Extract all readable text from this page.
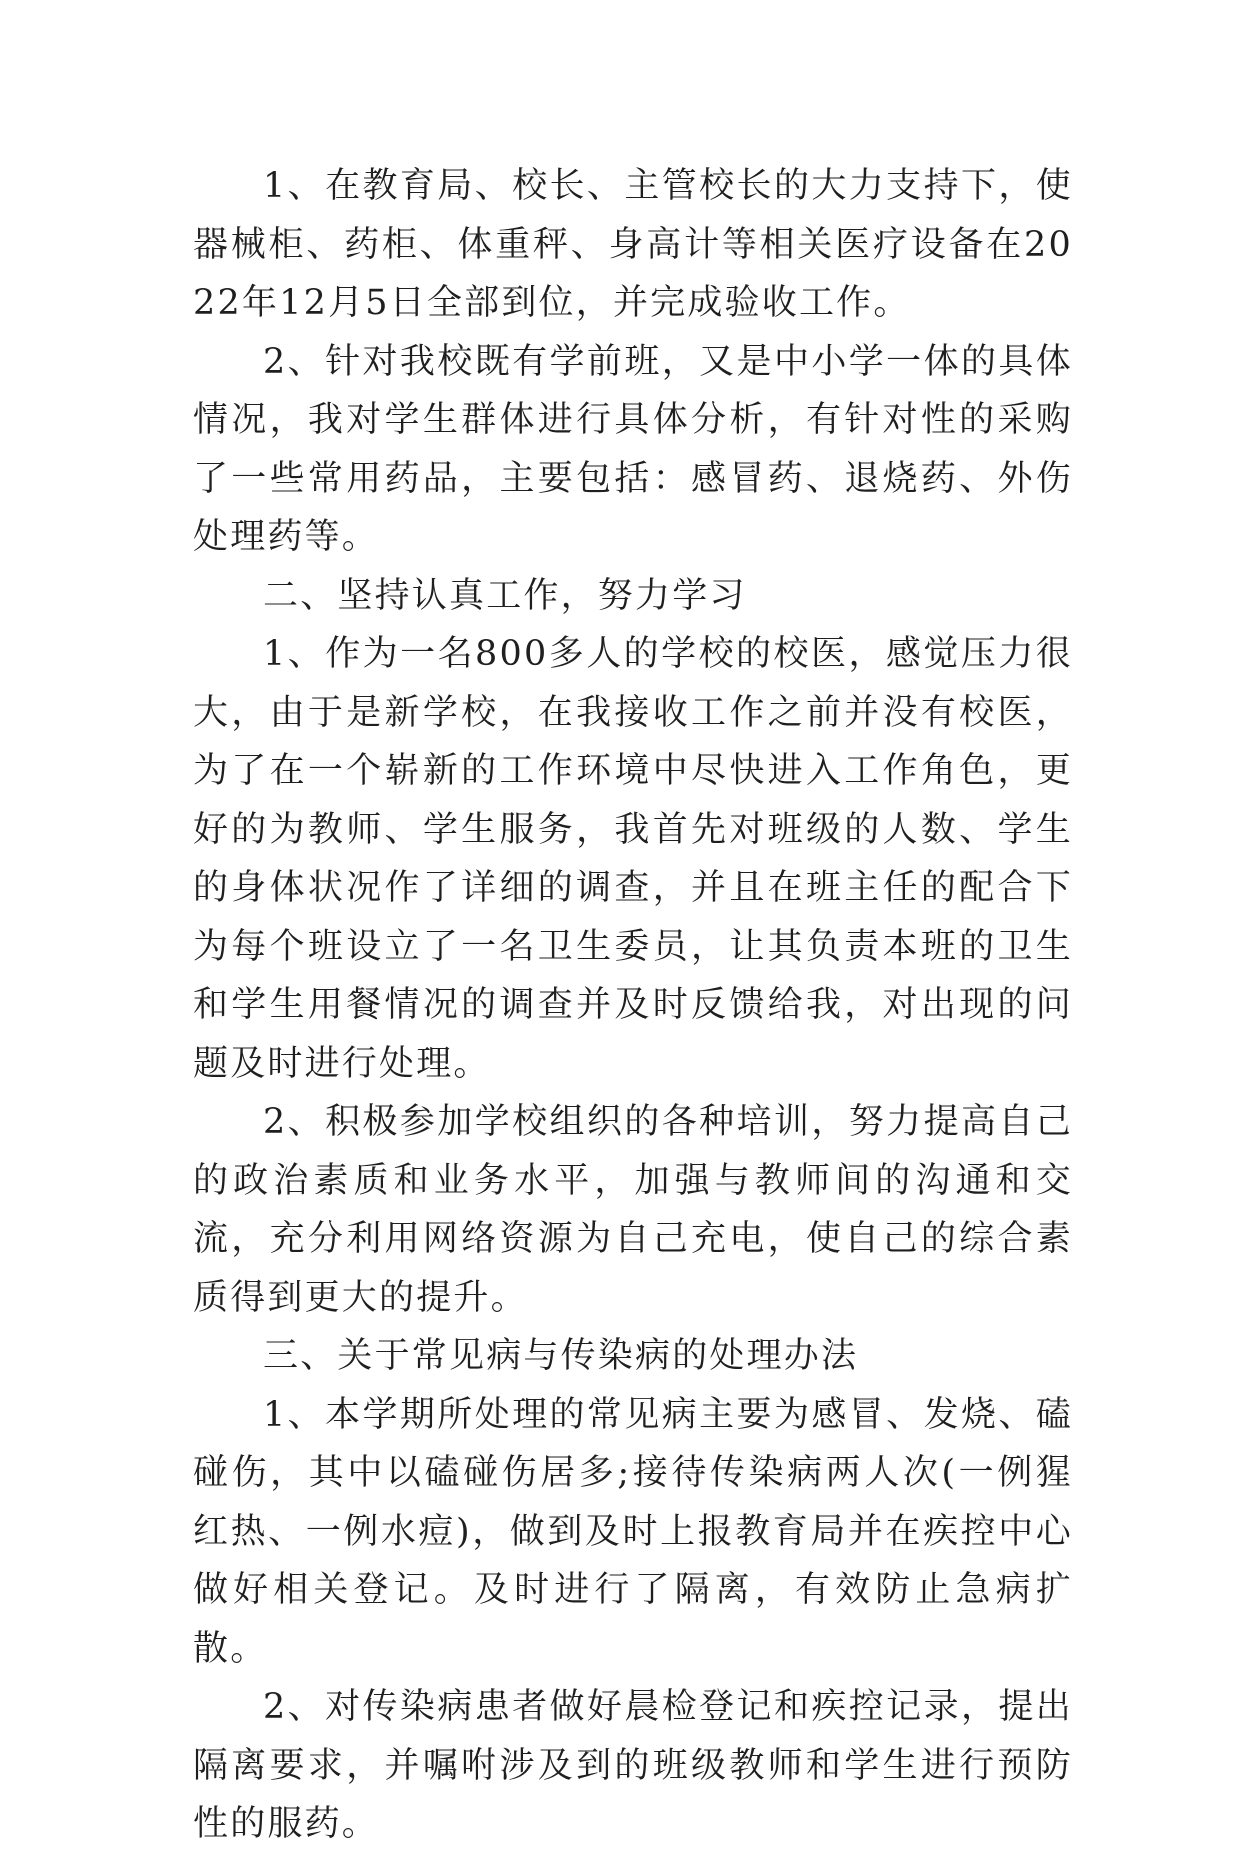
1、在教育局、校长、主管校长的大力支持下，使器械柜、药柜、体重秤、身高计等相关医疗设备在2022年12月5日全部到位，并完成验收工作。

2、针对我校既有学前班，又是中小学一体的具体情况，我对学生群体进行具体分析，有针对性的采购了一些常用药品，主要包括：感冒药、退烧药、外伤处理药等。

二、坚持认真工作，努力学习

1、作为一名800多人的学校的校医，感觉压力很大，由于是新学校，在我接收工作之前并没有校医，为了在一个崭新的工作环境中尽快进入工作角色，更好的为教师、学生服务，我首先对班级的人数、学生的身体状况作了详细的调查，并且在班主任的配合下为每个班设立了一名卫生委员，让其负责本班的卫生和学生用餐情况的调查并及时反馈给我，对出现的问题及时进行处理。

2、积极参加学校组织的各种培训，努力提高自己的政治素质和业务水平，加强与教师间的沟通和交流，充分利用网络资源为自己充电，使自己的综合素质得到更大的提升。

三、关于常见病与传染病的处理办法

1、本学期所处理的常见病主要为感冒、发烧、磕碰伤，其中以磕碰伤居多;接待传染病两人次(一例猩红热、一例水痘)，做到及时上报教育局并在疾控中心做好相关登记。及时进行了隔离，有效防止急病扩散。

2、对传染病患者做好晨检登记和疾控记录，提出隔离要求，并嘱咐涉及到的班级教师和学生进行预防性的服药。
